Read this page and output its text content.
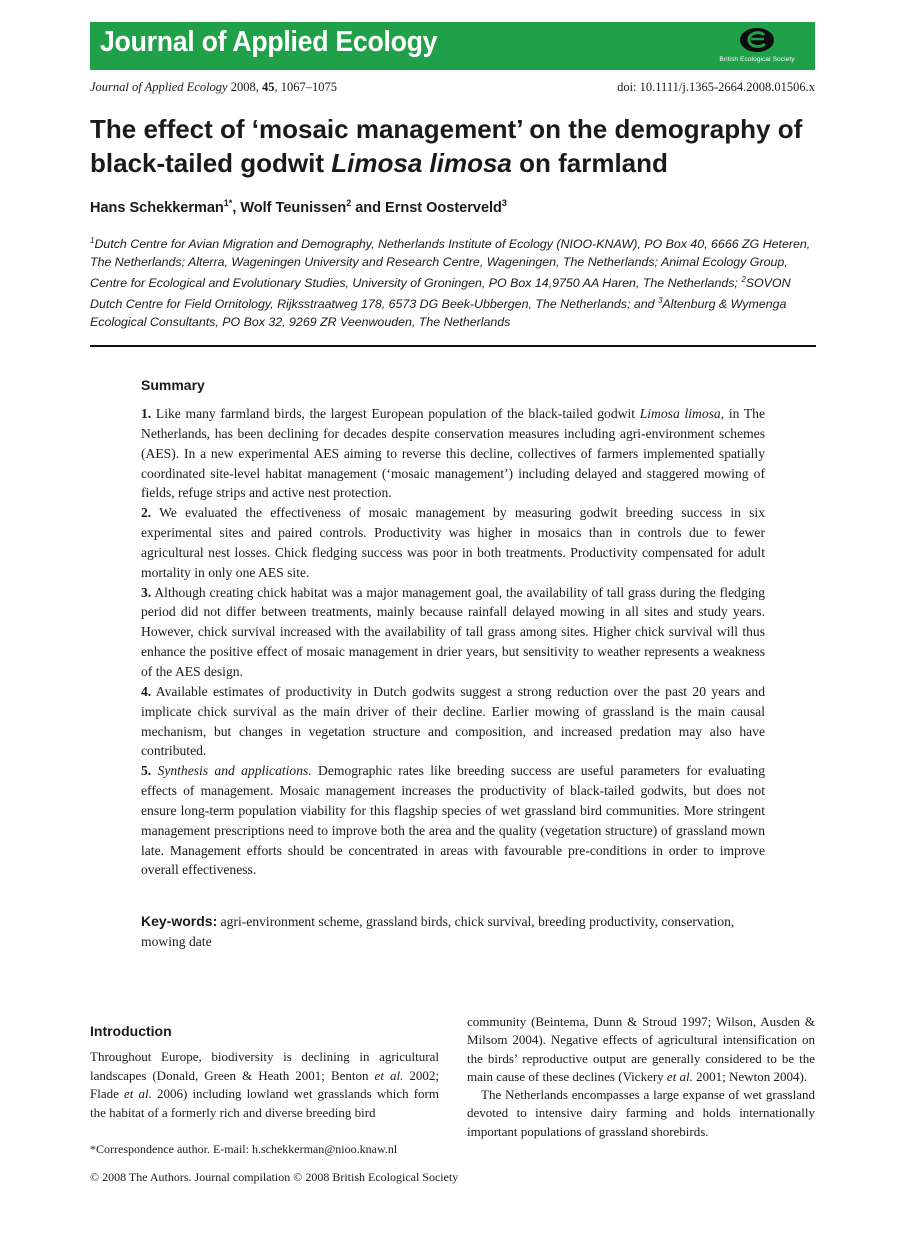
Journal of Applied Ecology
British Ecological Society
Journal of Applied Ecology 2008, 45, 1067–1075	doi: 10.1111/j.1365-2664.2008.01506.x
The effect of ‘mosaic management’ on the demography of black-tailed godwit Limosa limosa on farmland
Hans Schekkerman$^{1*}$, Wolf Teunissen$^2$ and Ernst Oosterveld$^3$
$^1$Dutch Centre for Avian Migration and Demography, Netherlands Institute of Ecology (NIOO-KNAW), PO Box 40, 6666 ZG Heteren, The Netherlands; Alterra, Wageningen University and Research Centre, Wageningen, The Netherlands; Animal Ecology Group, Centre for Ecological and Evolutionary Studies, University of Groningen, PO Box 14,9750 AA Haren, The Netherlands; $^2$SOVON Dutch Centre for Field Ornitology, Rijksstraatweg 178, 6573 DG Beek-Ubbergen, The Netherlands; and $^3$Altenburg & Wymenga Ecological Consultants, PO Box 32, 9269 ZR Veenwouden, The Netherlands
Summary

1. Like many farmland birds, the largest European population of the black-tailed godwit Limosa limosa, in The Netherlands, has been declining for decades despite conservation measures including agri-environment schemes (AES). In a new experimental AES aiming to reverse this decline, collectives of farmers implemented spatially coordinated site-level habitat management (‘mosaic management’) including delayed and staggered mowing of fields, refuge strips and active nest protection.

2. We evaluated the effectiveness of mosaic management by measuring godwit breeding success in six experimental sites and paired controls. Productivity was higher in mosaics than in controls due to fewer agricultural nest losses. Chick fledging success was poor in both treatments. Productivity compensated for adult mortality in only one AES site.

3. Although creating chick habitat was a major management goal, the availability of tall grass during the fledging period did not differ between treatments, mainly because rainfall delayed mowing in all sites and study years. However, chick survival increased with the availability of tall grass among sites. Higher chick survival will thus enhance the positive effect of mosaic management in drier years, but sensitivity to weather represents a weakness of the AES design.

4. Available estimates of productivity in Dutch godwits suggest a strong reduction over the past 20 years and implicate chick survival as the main driver of their decline. Earlier mowing of grassland is the main causal mechanism, but changes in vegetation structure and composition, and increased predation may also have contributed.

5. Synthesis and applications. Demographic rates like breeding success are useful parameters for evaluating effects of management. Mosaic management increases the productivity of black-tailed godwits, but does not ensure long-term population viability for this flagship species of wet grassland bird communities. More stringent management prescriptions need to improve both the area and the quality (vegetation structure) of grassland mown late. Management efforts should be concentrated in areas with favourable pre-conditions in order to improve overall effectiveness.

Key-words: agri-environment scheme, grassland birds, chick survival, breeding productivity, conservation, mowing date

Introduction

Throughout Europe, biodiversity is declining in agricultural landscapes (Donald, Green & Heath 2001; Benton et al. 2002; Flade et al. 2006) including lowland wet grasslands which form the habitat of a formerly rich and diverse breeding bird

community (Beintema, Dunn & Stroud 1997; Wilson, Ausden & Milsom 2004). Negative effects of agricultural intensification on the birds’ reproductive output are generally considered to be the main cause of these declines (Vickery et al. 2001; Newton 2004).

The Netherlands encompasses a large expanse of wet grassland devoted to intensive dairy farming and holds internationally important populations of grassland shorebirds.

*Correspondence author. E-mail: h.schekkerman@nioo.knaw.nl
© 2008 The Authors. Journal compilation © 2008 British Ecological Society
